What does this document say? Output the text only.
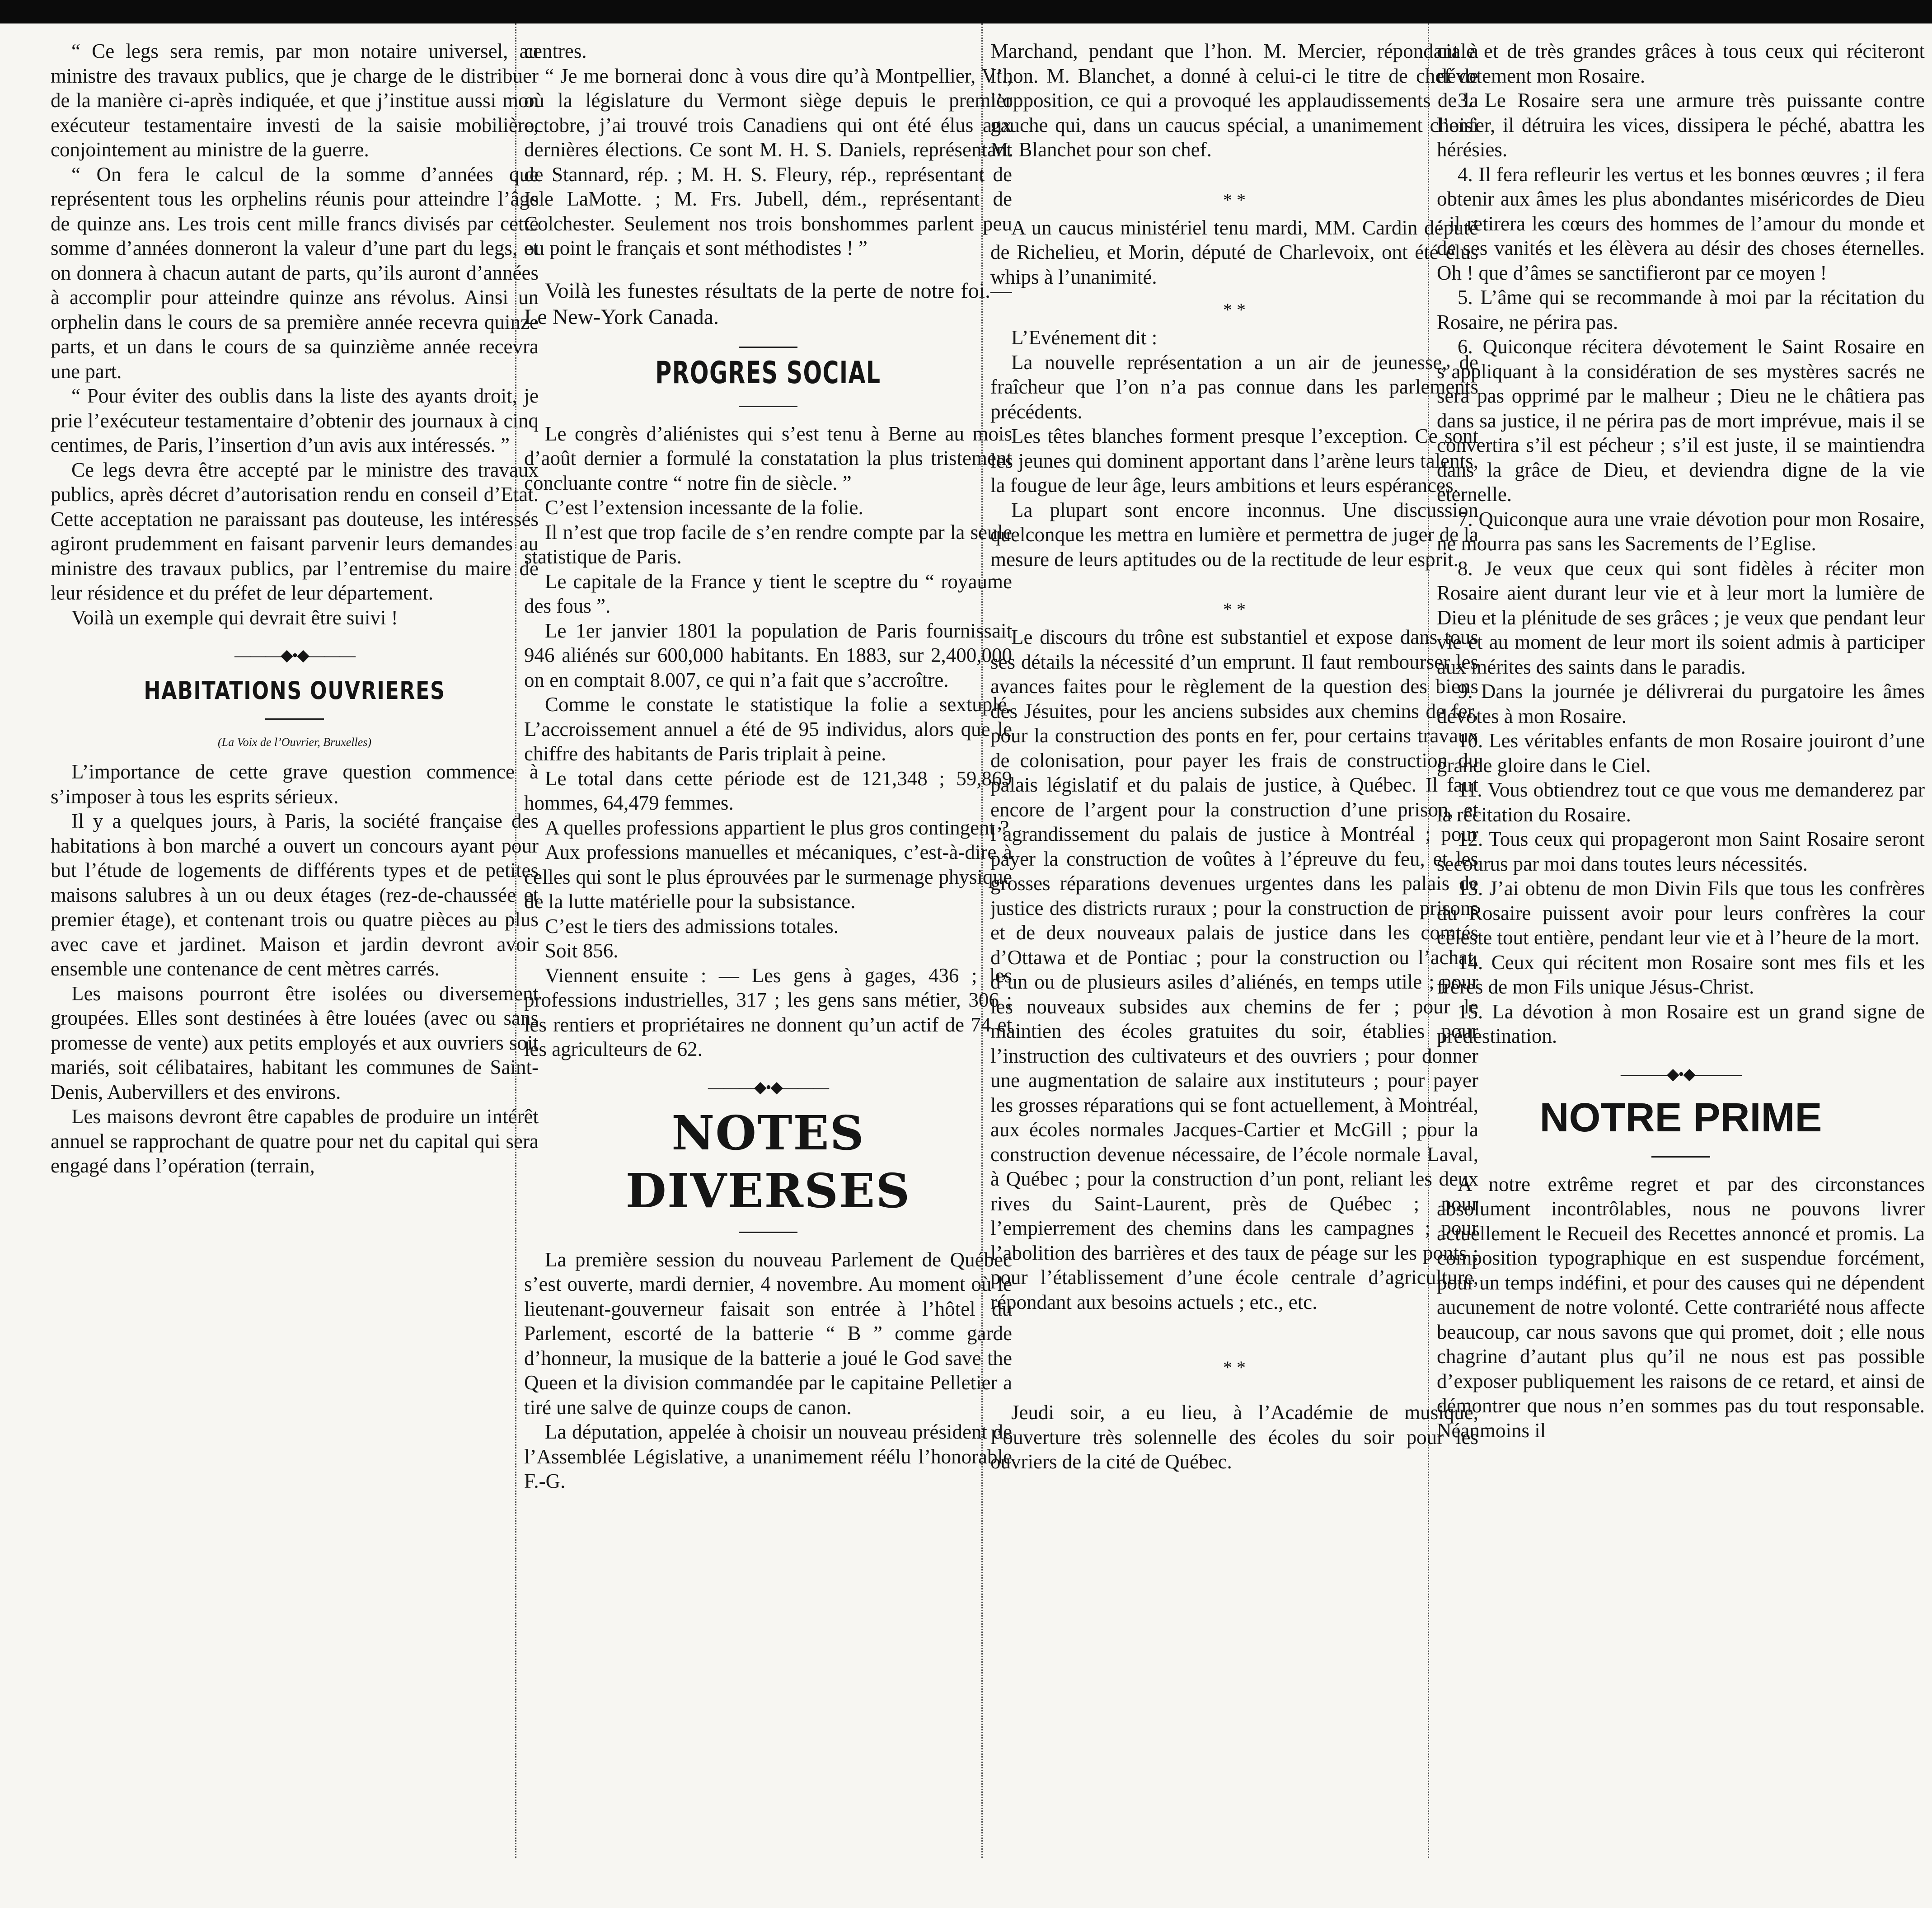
“ Ce legs sera remis, par mon notaire universel, au ministre des travaux publics, que je charge de le distribuer de la manière ci-après indiquée, et que j’institue aussi mon exécuteur testamentaire investi de la saisie mobilière, conjointement au ministre de la guerre.

“ On fera le calcul de la somme d’années que représentent tous les orphelins réunis pour atteindre l’âge de quinze ans. Les trois cent mille francs divisés par cette somme d’années donneront la valeur d’une part du legs, et on donnera à chacun autant de parts, qu’ils auront d’années à accomplir pour atteindre quinze ans révolus. Ainsi un orphelin dans le cours de sa première année recevra quinze parts, et un dans le cours de sa quinzième année recevra une part.

“ Pour éviter des oublis dans la liste des ayants droit, je prie l’exécuteur testamentaire d’obtenir des journaux à cinq centimes, de Paris, l’insertion d’un avis aux intéressés. ”

Ce legs devra être accepté par le ministre des travaux publics, après décret d’autorisation rendu en conseil d’Etat. Cette acceptation ne paraissant pas douteuse, les intéressés agiront prudemment en faisant parvenir leurs demandes au ministre des travaux publics, par l’entremise du maire de leur résidence et du préfet de leur département.

Voilà un exemple qui devrait être suivi !

———◆•◆———
HABITATIONS OUVRIERES

(La Voix de l’Ouvrier, Bruxelles)

L’importance de cette grave question commence à s’imposer à tous les esprits sérieux.

Il y a quelques jours, à Paris, la société française des habitations à bon marché a ouvert un concours ayant pour but l’étude de logements de différents types et de petites maisons salubres à un ou deux étages (rez-de-chaussée et premier étage), et contenant trois ou quatre pièces au plus avec cave et jardinet. Maison et jardin devront avoir ensemble une contenance de cent mètres carrés.

Les maisons pourront être isolées ou diversement groupées. Elles sont destinées à être louées (avec ou sans promesse de vente) aux petits employés et aux ouvriers soit mariés, soit célibataires, habitant les communes de Saint-Denis, Aubervillers et des environs.

Les maisons devront être capables de produire un intérêt annuel se rapprochant de quatre pour net du capital qui sera engagé dans l’opération (terrain,

centres.

“ Je me bornerai donc à vous dire qu’à Montpellier, Vt., où la législature du Vermont siège depuis le premier octobre, j’ai trouvé trois Canadiens qui ont été élus aux dernières élections. Ce sont M. H. S. Daniels, représentant de Stannard, rép. ; M. H. S. Fleury, rép., représentant de Isle LaMotte. ; M. Frs. Jubell, dém., représentant de Colchester. Seulement nos trois bonshommes parlent peu ou point le français et sont méthodistes ! ”

Voilà les funestes résultats de la perte de notre foi.—Le New-York Canada.

PROGRES SOCIAL

Le congrès d’aliénistes qui s’est tenu à Berne au mois d’août dernier a formulé la constatation la plus tristement concluante contre “ notre fin de siècle. ”

C’est l’extension incessante de la folie.

Il n’est que trop facile de s’en rendre compte par la seule statistique de Paris.

Le capitale de la France y tient le sceptre du “ royaume des fous ”.

Le 1er janvier 1801 la population de Paris fournissait 946 aliénés sur 600,000 habitants. En 1883, sur 2,400,000 on en comptait 8.007, ce qui n’a fait que s’accroître.

Comme le constate le statistique la folie a sextuplé. L’accroissement annuel a été de 95 individus, alors que le chiffre des habitants de Paris triplait à peine.

Le total dans cette période est de 121,348 ; 59,869 hommes, 64,479 femmes.

A quelles professions appartient le plus gros contingent ?

Aux professions manuelles et mécaniques, c’est-à-dire à celles qui sont le plus éprouvées par le surmenage physique de la lutte matérielle pour la subsistance.

C’est le tiers des admissions totales.

Soit 856.

Viennent ensuite : — Les gens à gages, 436 ; les professions industrielles, 317 ; les gens sans métier, 306 ; les rentiers et propriétaires ne donnent qu’un actif de 74 et les agriculteurs de 62.

———◆•◆———
NOTES DIVERSES

La première session du nouveau Parlement de Québec s’est ouverte, mardi dernier, 4 novembre. Au moment où le lieutenant-gouverneur faisait son entrée à l’hôtel du Parlement, escorté de la batterie “ B ” comme garde d’honneur, la musique de la batterie a joué le God save the Queen et la division commandée par le capitaine Pelletier a tiré une salve de quinze coups de canon.

La députation, appelée à choisir un nouveau président de l’Assemblée Législative, a unanimement réélu l’honorable F.-G.

Marchand, pendant que l’hon. M. Mercier, répondant à l’hon. M. Blanchet, a donné à celui-ci le titre de chef de l’opposition, ce qui a provoqué les applaudissements de la gauche qui, dans un caucus spécial, a unanimement choisi M. Blanchet pour son chef.

* *

A un caucus ministériel tenu mardi, MM. Cardin député de Richelieu, et Morin, député de Charlevoix, ont été élus whips à l’unanimité.

* *

L’Evénement dit :

La nouvelle représentation a un air de jeunesse, de fraîcheur que l’on n’a pas connue dans les parlements précédents.

Les têtes blanches forment presque l’exception. Ce sont les jeunes qui dominent apportant dans l’arène leurs talents, la fougue de leur âge, leurs ambitions et leurs espérances.

La plupart sont encore inconnus. Une discussion quelconque les mettra en lumière et permettra de juger de la mesure de leurs aptitudes ou de la rectitude de leur esprit.

* *

Le discours du trône est substantiel et expose dans tous ses détails la nécessité d’un emprunt. Il faut rembourser les avances faites pour le règlement de la question des biens des Jésuites, pour les anciens subsides aux chemins de fer, pour la construction des ponts en fer, pour certains travaux de colonisation, pour payer les frais de construction du palais législatif et du palais de justice, à Québec. Il faut encore de l’argent pour la construction d’une prison, et l’agrandissement du palais de justice à Montréal ; pour payer la construction de voûtes à l’épreuve du feu, et les grosses réparations devenues urgentes dans les palais de justice des districts ruraux ; pour la construction de prisons et de deux nouveaux palais de justice dans les comtés d’Ottawa et de Pontiac ; pour la construction ou l’achat, d’un ou de plusieurs asiles d’aliénés, en temps utile ; pour les nouveaux subsides aux chemins de fer ; pour le maintien des écoles gratuites du soir, établies pour l’instruction des cultivateurs et des ouvriers ; pour donner une augmentation de salaire aux instituteurs ; pour payer les grosses réparations qui se font actuellement, à Montréal, aux écoles normales Jacques-Cartier et McGill ; pour la construction devenue nécessaire, de l’école normale Laval, à Québec ; pour la construction d’un pont, reliant les deux rives du Saint-Laurent, près de Québec ; pour l’empierrement des chemins dans les campagnes ; pour l’abolition des barrières et des taux de péage sur les ponts ; pour l’établissement d’une école centrale d’agriculture, répondant aux besoins actuels ; etc., etc.

* *

Jeudi soir, a eu lieu, à l’Académie de musique, l’ouverture très solennelle des écoles du soir pour les ouvriers de la cité de Québec.

ciale et de très grandes grâces à tous ceux qui réciteront dévotement mon Rosaire.

3. Le Rosaire sera une armure très puissante contre l’enfer, il détruira les vices, dissipera le péché, abattra les hérésies.

4. Il fera refleurir les vertus et les bonnes œuvres ; il fera obtenir aux âmes les plus abondantes miséricordes de Dieu : il retirera les cœurs des hommes de l’amour du monde et de ses vanités et les élèvera au désir des choses éternelles. Oh ! que d’âmes se sanctifieront par ce moyen !

5. L’âme qui se recommande à moi par la récitation du Rosaire, ne périra pas.

6. Quiconque récitera dévotement le Saint Rosaire en s’appliquant à la considération de ses mystères sacrés ne sera pas opprimé par le malheur ; Dieu ne le châtiera pas dans sa justice, il ne périra pas de mort imprévue, mais il se convertira s’il est pécheur ; s’il est juste, il se maintiendra dans la grâce de Dieu, et deviendra digne de la vie éternelle.

7. Quiconque aura une vraie dévotion pour mon Rosaire, ne mourra pas sans les Sacrements de l’Eglise.

8. Je veux que ceux qui sont fidèles à réciter mon Rosaire aient durant leur vie et à leur mort la lumière de Dieu et la plénitude de ses grâces ; je veux que pendant leur vie et au moment de leur mort ils soient admis à participer aux mérites des saints dans le paradis.

9. Dans la journée je délivrerai du purgatoire les âmes dévotes à mon Rosaire.

10. Les véritables enfants de mon Rosaire jouiront d’une grande gloire dans le Ciel.

11. Vous obtiendrez tout ce que vous me demanderez par la récitation du Rosaire.

12. Tous ceux qui propageront mon Saint Rosaire seront secourus par moi dans toutes leurs nécessités.

13. J’ai obtenu de mon Divin Fils que tous les confrères du Rosaire puissent avoir pour leurs confrères la cour céleste tout entière, pendant leur vie et à l’heure de la mort.

14. Ceux qui récitent mon Rosaire sont mes fils et les frères de mon Fils unique Jésus-Christ.

15. La dévotion à mon Rosaire est un grand signe de prédestination.

———◆•◆———
NOTRE PRIME

A notre extrême regret et par des circonstances absolument incontrôlables, nous ne pouvons livrer actuellement le Recueil des Recettes annoncé et promis. La composition typographique en est suspendue forcément, pour un temps indéfini, et pour des causes qui ne dépendent aucunement de notre volonté. Cette contrariété nous affecte beaucoup, car nous savons que qui promet, doit ; elle nous chagrine d’autant plus qu’il ne nous est pas possible d’exposer publiquement les raisons de ce retard, et ainsi de démontrer que nous n’en sommes pas du tout responsable. Néanmoins il
